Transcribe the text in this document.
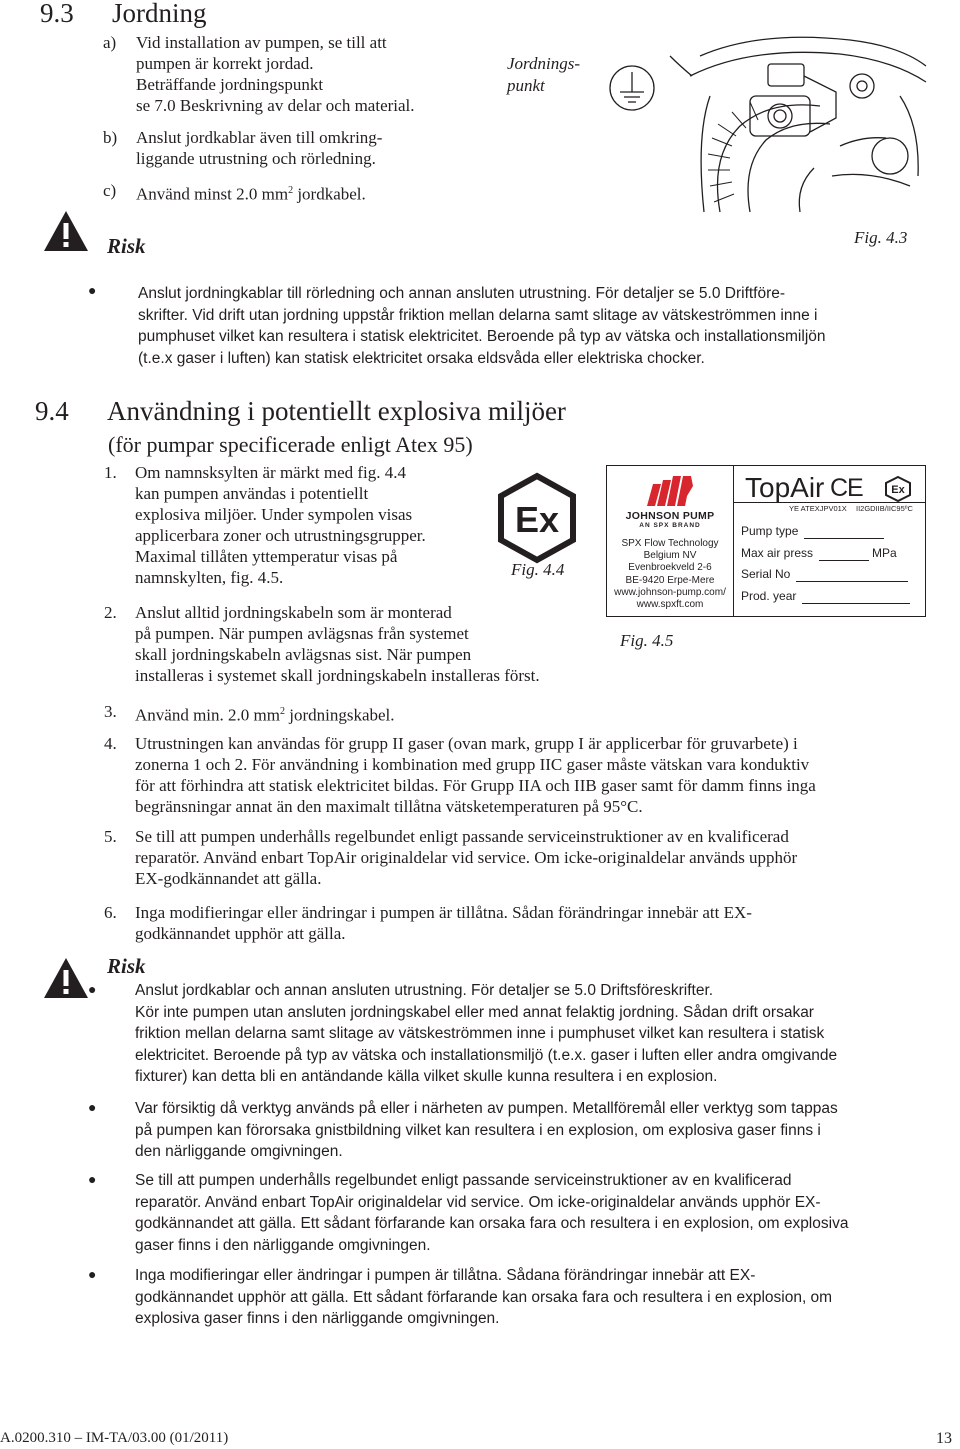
9.3 Jordning
a) Vid installation av pumpen, se till att
pumpen är korrekt jordad.
Beträffande jordningspunkt
se 7.0 Beskrivning av delar och material.
b) Anslut jordkablar även till omkring-
liggande utrustning och rörledning.
c) Använd minst 2.0 $mm^2$ jordkabel.
Jordnings-
punkt
Fig. 4.3
Risk
●	Anslut jordningkablar till rörledning och annan ansluten utrustning. För detaljer se 5.0 Driftföre-
skrifter. Vid drift utan jordning uppstår friktion mellan delarna samt slitage av vätskeströmmen inne i
pumphuset vilket kan resultera i statisk elektricitet. Beroende på typ av vätska och installationsmiljön
(t.e.x gaser i luften) kan statisk elektricitet orsaka eldsvåda eller elektriska chocker.
9.4 Användning i potentiellt explosiva miljöer
(för pumpar specificerade enligt Atex 95)
1. Om namnsksylten är märkt med fig. 4.4
kan pumpen användas i potentiellt
explosiva miljöer. Under sympolen visas
applicerbara zoner och utrustningsgrupper.
Maximal tillåten yttemperatur visas på
namnskylten, fig. 4.5.
Ex
Fig. 4.4
JOHNSON PUMP
AN SPX BRAND
SPX Flow Technology
Belgium NV
Evenbroekveld 2-6
BE-9420 Erpe-Mere
www.johnson-pump.com/
www.spxft.com
TopAir CE	Ex
YE ATEXJPV01X II2GDIIB/IIC95ºC
Pump type
Max air press	MPa
Serial No
Prod. year
Fig. 4.5
2. Anslut alltid jordningskabeln som är monterad
på pumpen. När pumpen avlägsnas från systemet
skall jordningskabeln avlägsnas sist. När pumpen
installeras i systemet skall jordningskabeln installeras först.
3. Använd min. 2.0 $mm^2$ jordningskabel.
4. Utrustningen kan användas för grupp II gaser (ovan mark, grupp I är applicerbar för gruvarbete) i
zonerna 1 och 2. För användning i kombination med grupp IIC gaser måste vätskan vara konduktiv
för att förhindra att statisk elektricitet bildas. För Grupp IIA och IIB gaser samt för damm finns inga
begränsningar annat än den maximalt tillåtna vätsketemperaturen på 95°C.
5. Se till att pumpen underhålls regelbundet enligt passande serviceinstruktioner av en kvalificerad
reparatör. Använd enbart TopAir originaldelar vid service. Om icke-originaldelar används upphör
EX-godkännandet att gälla.
6. Inga modifieringar eller ändringar i pumpen är tillåtna. Sådan förändringar innebär att EX-
godkännandet upphör att gälla.
Risk
● Anslut jordkablar och annan ansluten utrustning. För detaljer se 5.0 Driftsföreskrifter.
Kör inte pumpen utan ansluten jordningskabel eller med annat felaktig jordning. Sådan drift orsakar
friktion mellan delarna samt slitage av vätskeströmmen inne i pumphuset vilket kan resultera i statisk
elektricitet. Beroende på typ av vätska och installationsmiljö (t.e.x. gaser i luften eller andra omgivande
fixturer) kan detta bli en antändande källa vilket skulle kunna resultera i en explosion.
● Var försiktig då verktyg används på eller i närheten av pumpen. Metallföremål eller verktyg som tappas
på pumpen kan förorsaka gnistbildning vilket kan resultera i en explosion, om explosiva gaser finns i
den närliggande omgivningen.
● Se till att pumpen underhålls regelbundet enligt passande serviceinstruktioner av en kvalificerad
reparatör. Använd enbart TopAir originaldelar vid service. Om icke-originaldelar används upphör EX-
godkännandet att gälla. Ett sådant förfarande kan orsaka fara och resultera i en explosion, om explosiva
gaser finns i den närliggande omgivningen.
● Inga modifieringar eller ändringar i pumpen är tillåtna. Sådana förändringar innebär att EX-
godkännandet upphör att gälla. Ett sådant förfarande kan orsaka fara och resultera i en explosion, om
explosiva gaser finns i den närliggande omgivningen.
A.0200.310 – IM-TA/03.00 (01/2011)	13
